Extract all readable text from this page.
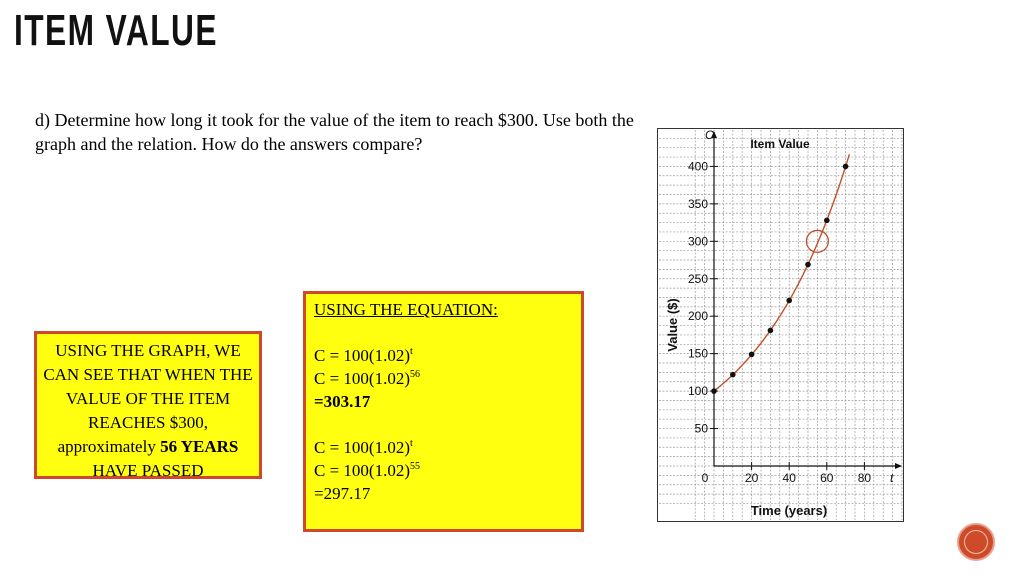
ITEM VALUE

d) Determine how long it took for the value of the item to reach $300. Use both the graph and the relation. How do the answers compare?

USING THE GRAPH, WE CAN SEE THAT WHEN THE VALUE OF THE ITEM REACHES $300, approximately 56 YEARS HAVE PASSED
USING THE EQUATION:
$C = 100(1.02)^t$
$C = 100(1.02)^{56}$
=303.17
$C = 100(1.02)^t$
$C = 100(1.02)^{55}$
=297.17
50
100
150
200
250
300
350
400
0	20 40 60 80
Item Value
Time (years)
Value ($)
C
t
